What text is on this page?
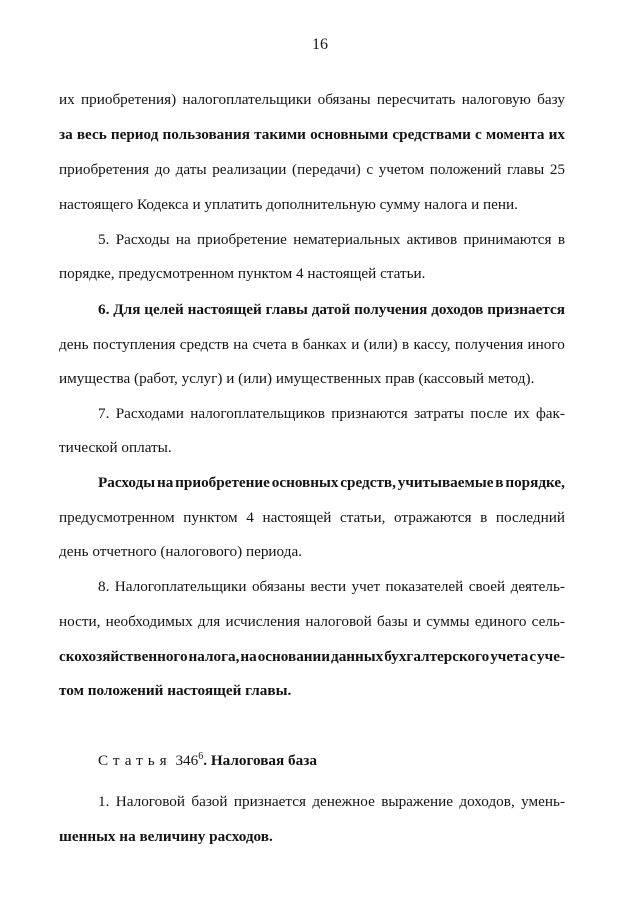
16
их приобретения) налогоплательщики обязаны пересчитать налоговую базу
за весь период пользования такими основными средствами с момента их
приобретения до даты реализации (передачи) с учетом положений главы 25
настоящего Кодекса и уплатить дополнительную сумму налога и пени.
5. Расходы на приобретение нематериальных активов принимаются в
порядке, предусмотренном пунктом 4 настоящей статьи.
6. Для целей настоящей главы датой получения доходов признается
день поступления средств на счета в банках и (или) в кассу, получения иного
имущества (работ, услуг) и (или) имущественных прав (кассовый метод).
7. Расходами налогоплательщиков признаются затраты после их фак-
тической оплаты.
Расходы на приобретение основных средств, учитываемые в порядке,
предусмотренном пунктом 4 настоящей статьи, отражаются в последний
день отчетного (налогового) периода.
8. Налогоплательщики обязаны вести учет показателей своей деятель-
ности, необходимых для исчисления налоговой базы и суммы единого сель-
скохозяйственного налога, на основании данных бухгалтерского учета с уче-
том положений настоящей главы.
Статья $346^6$. Налоговая база
1. Налоговой базой признается денежное выражение доходов, умень-
шенных на величину расходов.
